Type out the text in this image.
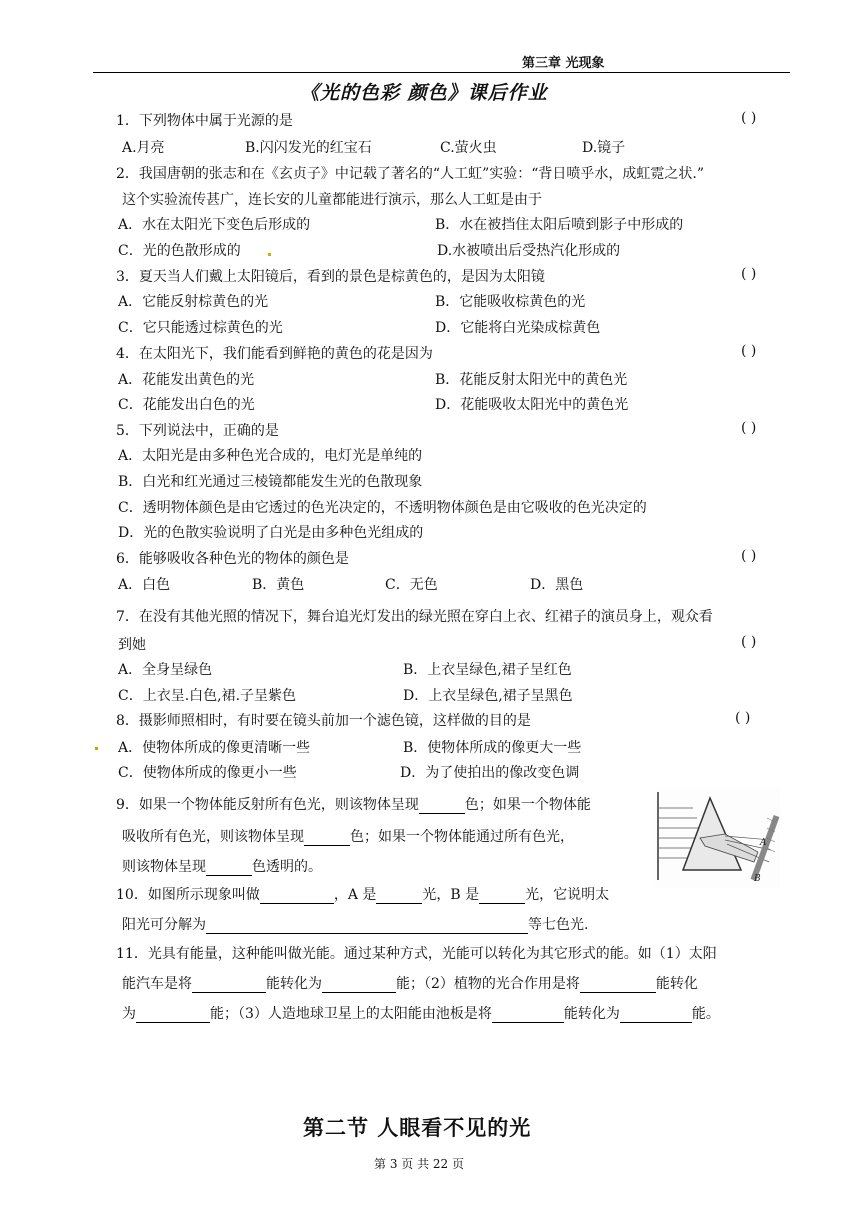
第三章 光现象
《光的色彩 颜色》课后作业
1．下列物体中属于光源的是	( )
A.月亮	B.闪闪发光的红宝石	C.萤火虫	D.镜子
2．我国唐朝的张志和在《玄贞子》中记载了著名的“人工虹”实验：“背日喷乎水，成虹霓之状.”
这个实验流传甚广，连长安的儿童都能进行演示，那么人工虹是由于
A．水在太阳光下变色后形成的	B．水在被挡住太阳后喷到影子中形成的
C．光的色散形成的	D.水被喷出后受热汽化形成的
3．夏天当人们戴上太阳镜后，看到的景色是棕黄色的，是因为太阳镜	( )
A．它能反射棕黄色的光	B．它能吸收棕黄色的光
C．它只能透过棕黄色的光	D．它能将白光染成棕黄色
4．在太阳光下，我们能看到鲜艳的黄色的花是因为	( )
A．花能发出黄色的光	B．花能反射太阳光中的黄色光
C．花能发出白色的光	D．花能吸收太阳光中的黄色光
5．下列说法中，正确的是	( )
A．太阳光是由多种色光合成的，电灯光是单纯的
B．白光和红光通过三棱镜都能发生光的色散现象
C．透明物体颜色是由它透过的色光决定的，不透明物体颜色是由它吸收的色光决定的
D．光的色散实验说明了白光是由多种色光组成的
6．能够吸收各种色光的物体的颜色是	( )
A．白色	B．黄色	C．无色	D．黑色
7．在没有其他光照的情况下，舞台追光灯发出的绿光照在穿白上衣、红裙子的演员身上，观众看
到她	( )
A．全身呈绿色	B．上衣呈绿色,裙子呈红色
C．上衣呈.白色,裙.子呈紫色	D．上衣呈绿色,裙子呈黑色
8．摄影师照相时，有时要在镜头前加一个滤色镜，这样做的目的是	( )
A．使物体所成的像更清晰一些	B．使物体所成的像更大一些
C．使物体所成的像更小一些	D．为了使拍出的像改变色调
9．如果一个物体能反射所有色光，则该物体呈现	色；如果一个物体能
吸收所有色光，则该物体呈现	色；如果一个物体能通过所有色光，
则该物体呈现	色透明的。
A
B
10．如图所示现象叫做	，A 是	光，B 是	光，它说明太
阳光可分解为	等七色光.
11．光具有能量，这种能叫做光能。通过某种方式，光能可以转化为其它形式的能。如（1）太阳
能汽车是将	能转化为	能；（2）植物的光合作用是将	能转化
为	能；（3）人造地球卫星上的太阳能由池板是将	能转化为	能。
第二节 人眼看不见的光
第 3 页 共 22 页
